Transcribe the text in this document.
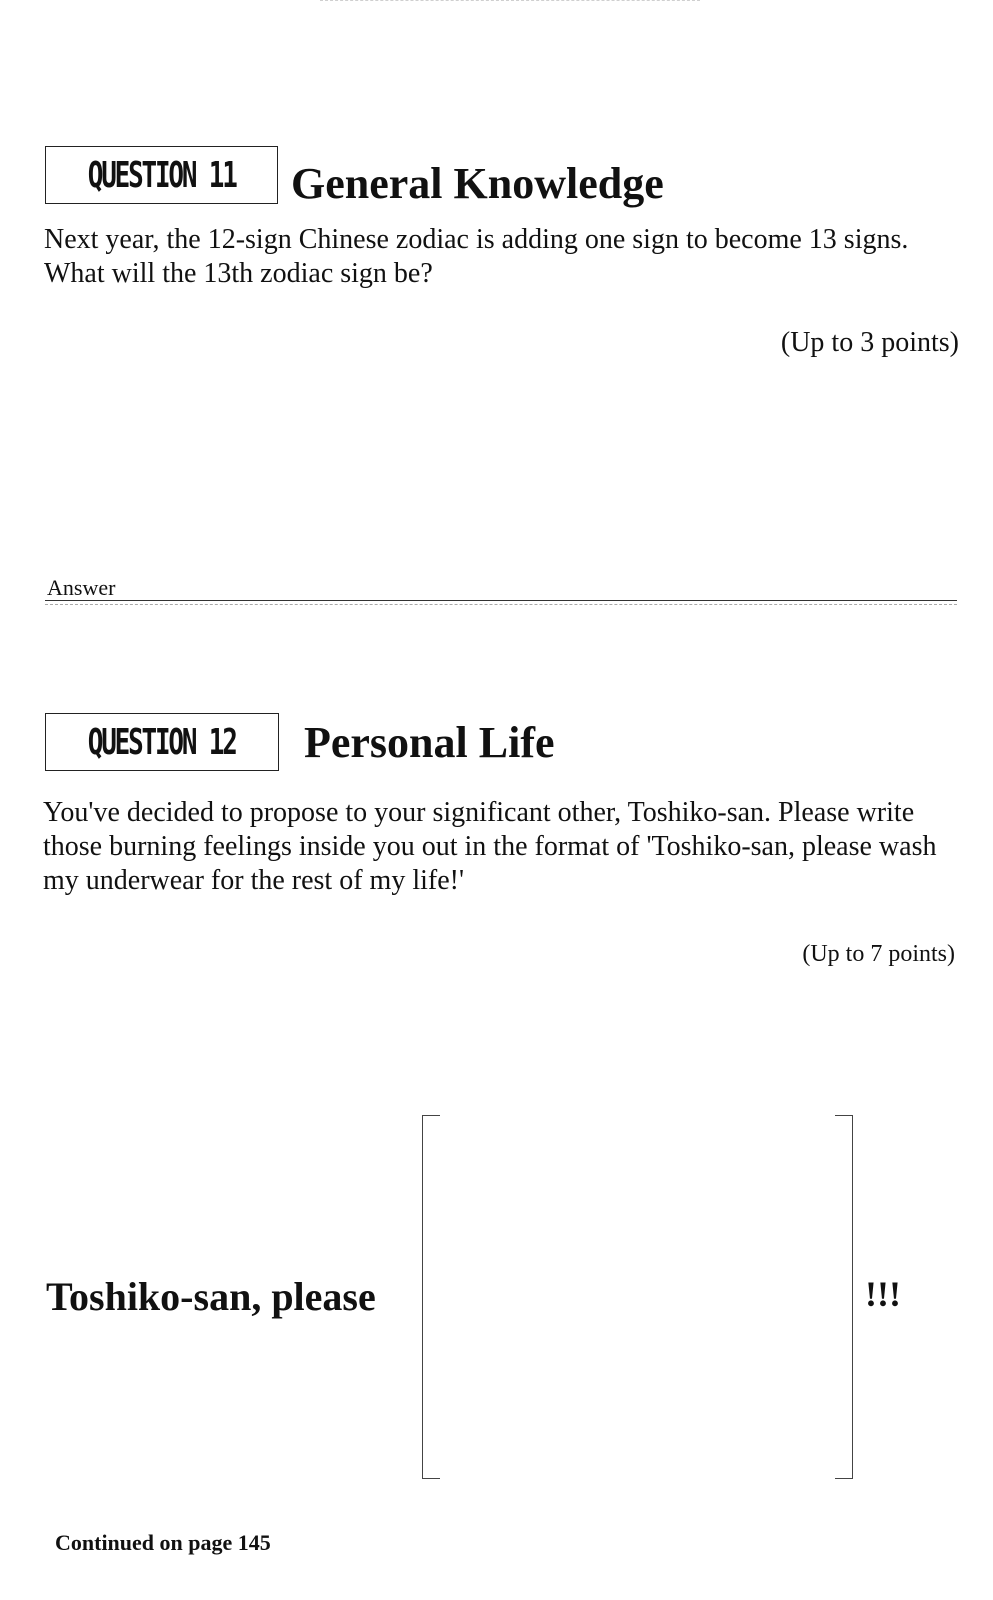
QUESTION 11 General Knowledge
Next year, the 12-sign Chinese zodiac is adding one sign to become 13 signs. What will the 13th zodiac sign be?
(Up to 3 points)
Answer
QUESTION 12 Personal Life
You've decided to propose to your significant other, Toshiko-san. Please write those burning feelings inside you out in the format of 'Toshiko-san, please wash my underwear for the rest of my life!'
(Up to 7 points)
Toshiko-san, please	!!!
Continued on page 145
